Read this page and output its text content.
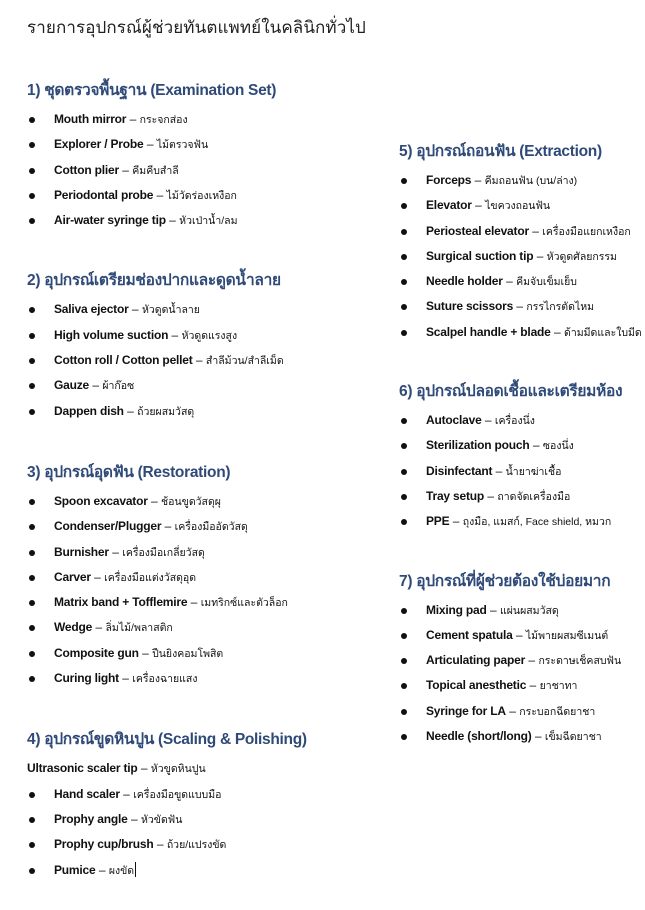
รายการอุปกรณ์ผู้ช่วยทันตแพทย์ในคลินิกทั่วไป
1) ชุดตรวจพื้นฐาน (Examination Set)
Mouth mirror – กระจกส่อง
Explorer / Probe – ไม้ตรวจฟัน
Cotton plier – คีมคีบสำลี
Periodontal probe – ไม้วัดร่องเหงือก
Air-water syringe tip – หัวเป่าน้ำ/ลม
2) อุปกรณ์เตรียมช่องปากและดูดน้ำลาย
Saliva ejector – หัวดูดน้ำลาย
High volume suction – หัวดูดแรงสูง
Cotton roll / Cotton pellet – สำลีม้วน/สำลีเม็ด
Gauze – ผ้าก๊อซ
Dappen dish – ถ้วยผสมวัสดุ
3) อุปกรณ์อุดฟัน (Restoration)
Spoon excavator – ช้อนขูดวัสดุผุ
Condenser/Plugger – เครื่องมืออัดวัสดุ
Burnisher – เครื่องมือเกลี่ยวัสดุ
Carver – เครื่องมือแต่งวัสดุอุด
Matrix band + Tofflemire – เมทริกซ์และตัวล็อก
Wedge – ลิ่มไม้/พลาสติก
Composite gun – ปืนยิงคอมโพสิต
Curing light – เครื่องฉายแสง
4) อุปกรณ์ขูดหินปูน (Scaling & Polishing)
Ultrasonic scaler tip – หัวขูดหินปูน
Hand scaler – เครื่องมือขูดแบบมือ
Prophy angle – หัวขัดฟัน
Prophy cup/brush – ถ้วย/แปรงขัด
Pumice – ผงขัด
5) อุปกรณ์ถอนฟัน (Extraction)
Forceps – คีมถอนฟัน (บน/ล่าง)
Elevator – ไขควงถอนฟัน
Periosteal elevator – เครื่องมือแยกเหงือก
Surgical suction tip – หัวดูดศัลยกรรม
Needle holder – คีมจับเข็มเย็บ
Suture scissors – กรรไกรตัดไหม
Scalpel handle + blade – ด้ามมีดและใบมีด
6) อุปกรณ์ปลอดเชื้อและเตรียมห้อง
Autoclave – เครื่องนึ่ง
Sterilization pouch – ซองนึ่ง
Disinfectant – น้ำยาฆ่าเชื้อ
Tray setup – ถาดจัดเครื่องมือ
PPE – ถุงมือ, แมสก์, Face shield, หมวก
7) อุปกรณ์ที่ผู้ช่วยต้องใช้บ่อยมาก
Mixing pad – แผ่นผสมวัสดุ
Cement spatula – ไม้พายผสมซีเมนต์
Articulating paper – กระดาษเช็คสบฟัน
Topical anesthetic – ยาชาทา
Syringe for LA – กระบอกฉีดยาชา
Needle (short/long) – เข็มฉีดยาชา
